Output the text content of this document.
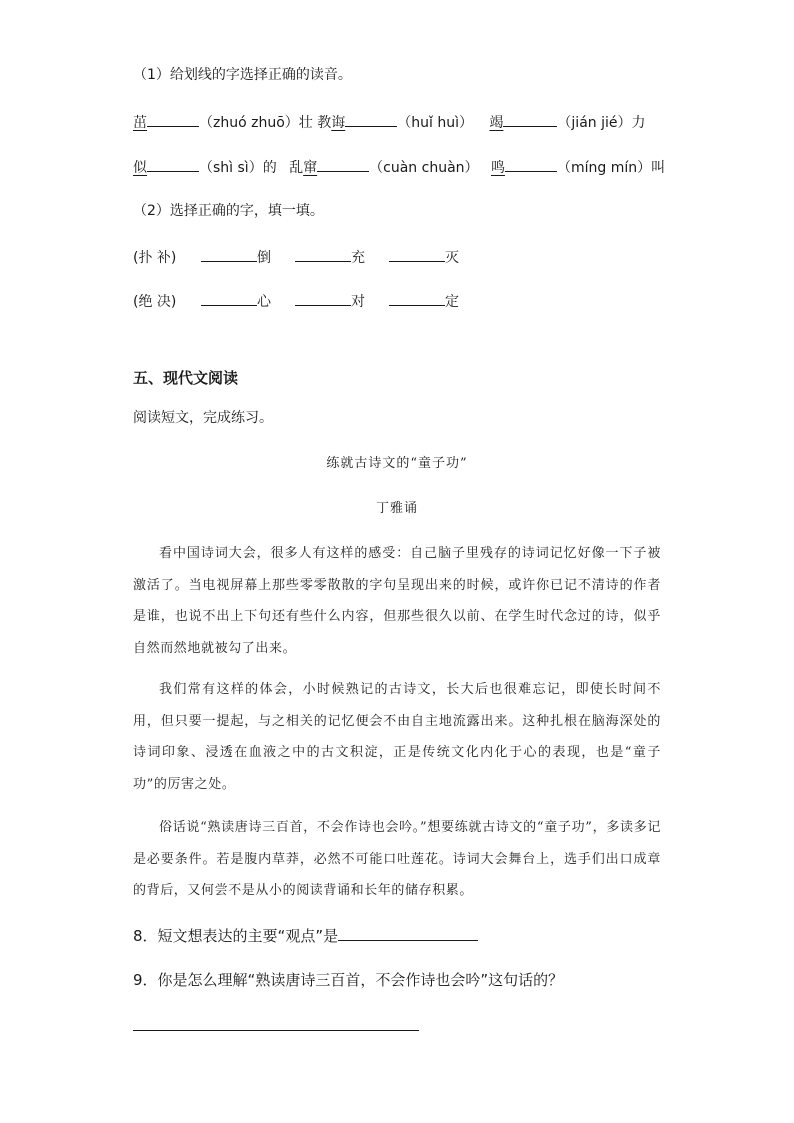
（1）给划线的字选择正确的读音。
茁	（zhuó zhuō）壮 教诲	（huǐ huì） 竭	（jián jié）力
似	（shì sì）的 乱窜	（cuàn chuàn） 鸣	（míng mín）叫
（2）选择正确的字，填一填。
(扑 补)	倒	充	灭
(绝 决)	心	对	定
五、现代文阅读
阅读短文，完成练习。
练就古诗文的“童子功”
丁雅诵
看中国诗词大会，很多人有这样的感受：自己脑子里残存的诗词记忆好像一下子被激活了。当电视屏幕上那些零零散散的字句呈现出来的时候，或许你已记不清诗的作者是谁，也说不出上下句还有些什么内容，但那些很久以前、在学生时代念过的诗，似乎自然而然地就被勾了出来。
我们常有这样的体会，小时候熟记的古诗文，长大后也很难忘记，即使长时间不用，但只要一提起，与之相关的记忆便会不由自主地流露出来。这种扎根在脑海深处的诗词印象、浸透在血液之中的古文积淀，正是传统文化内化于心的表现，也是“童子功”的厉害之处。
俗话说“熟读唐诗三百首，不会作诗也会吟。”想要练就古诗文的“童子功”，多读多记是必要条件。若是腹内草莽，必然不可能口吐莲花。诗词大会舞台上，选手们出口成章的背后，又何尝不是从小的阅读背诵和长年的储存积累。
8．短文想表达的主要“观点”是
9．你是怎么理解“熟读唐诗三百首，不会作诗也会吟”这句话的？
